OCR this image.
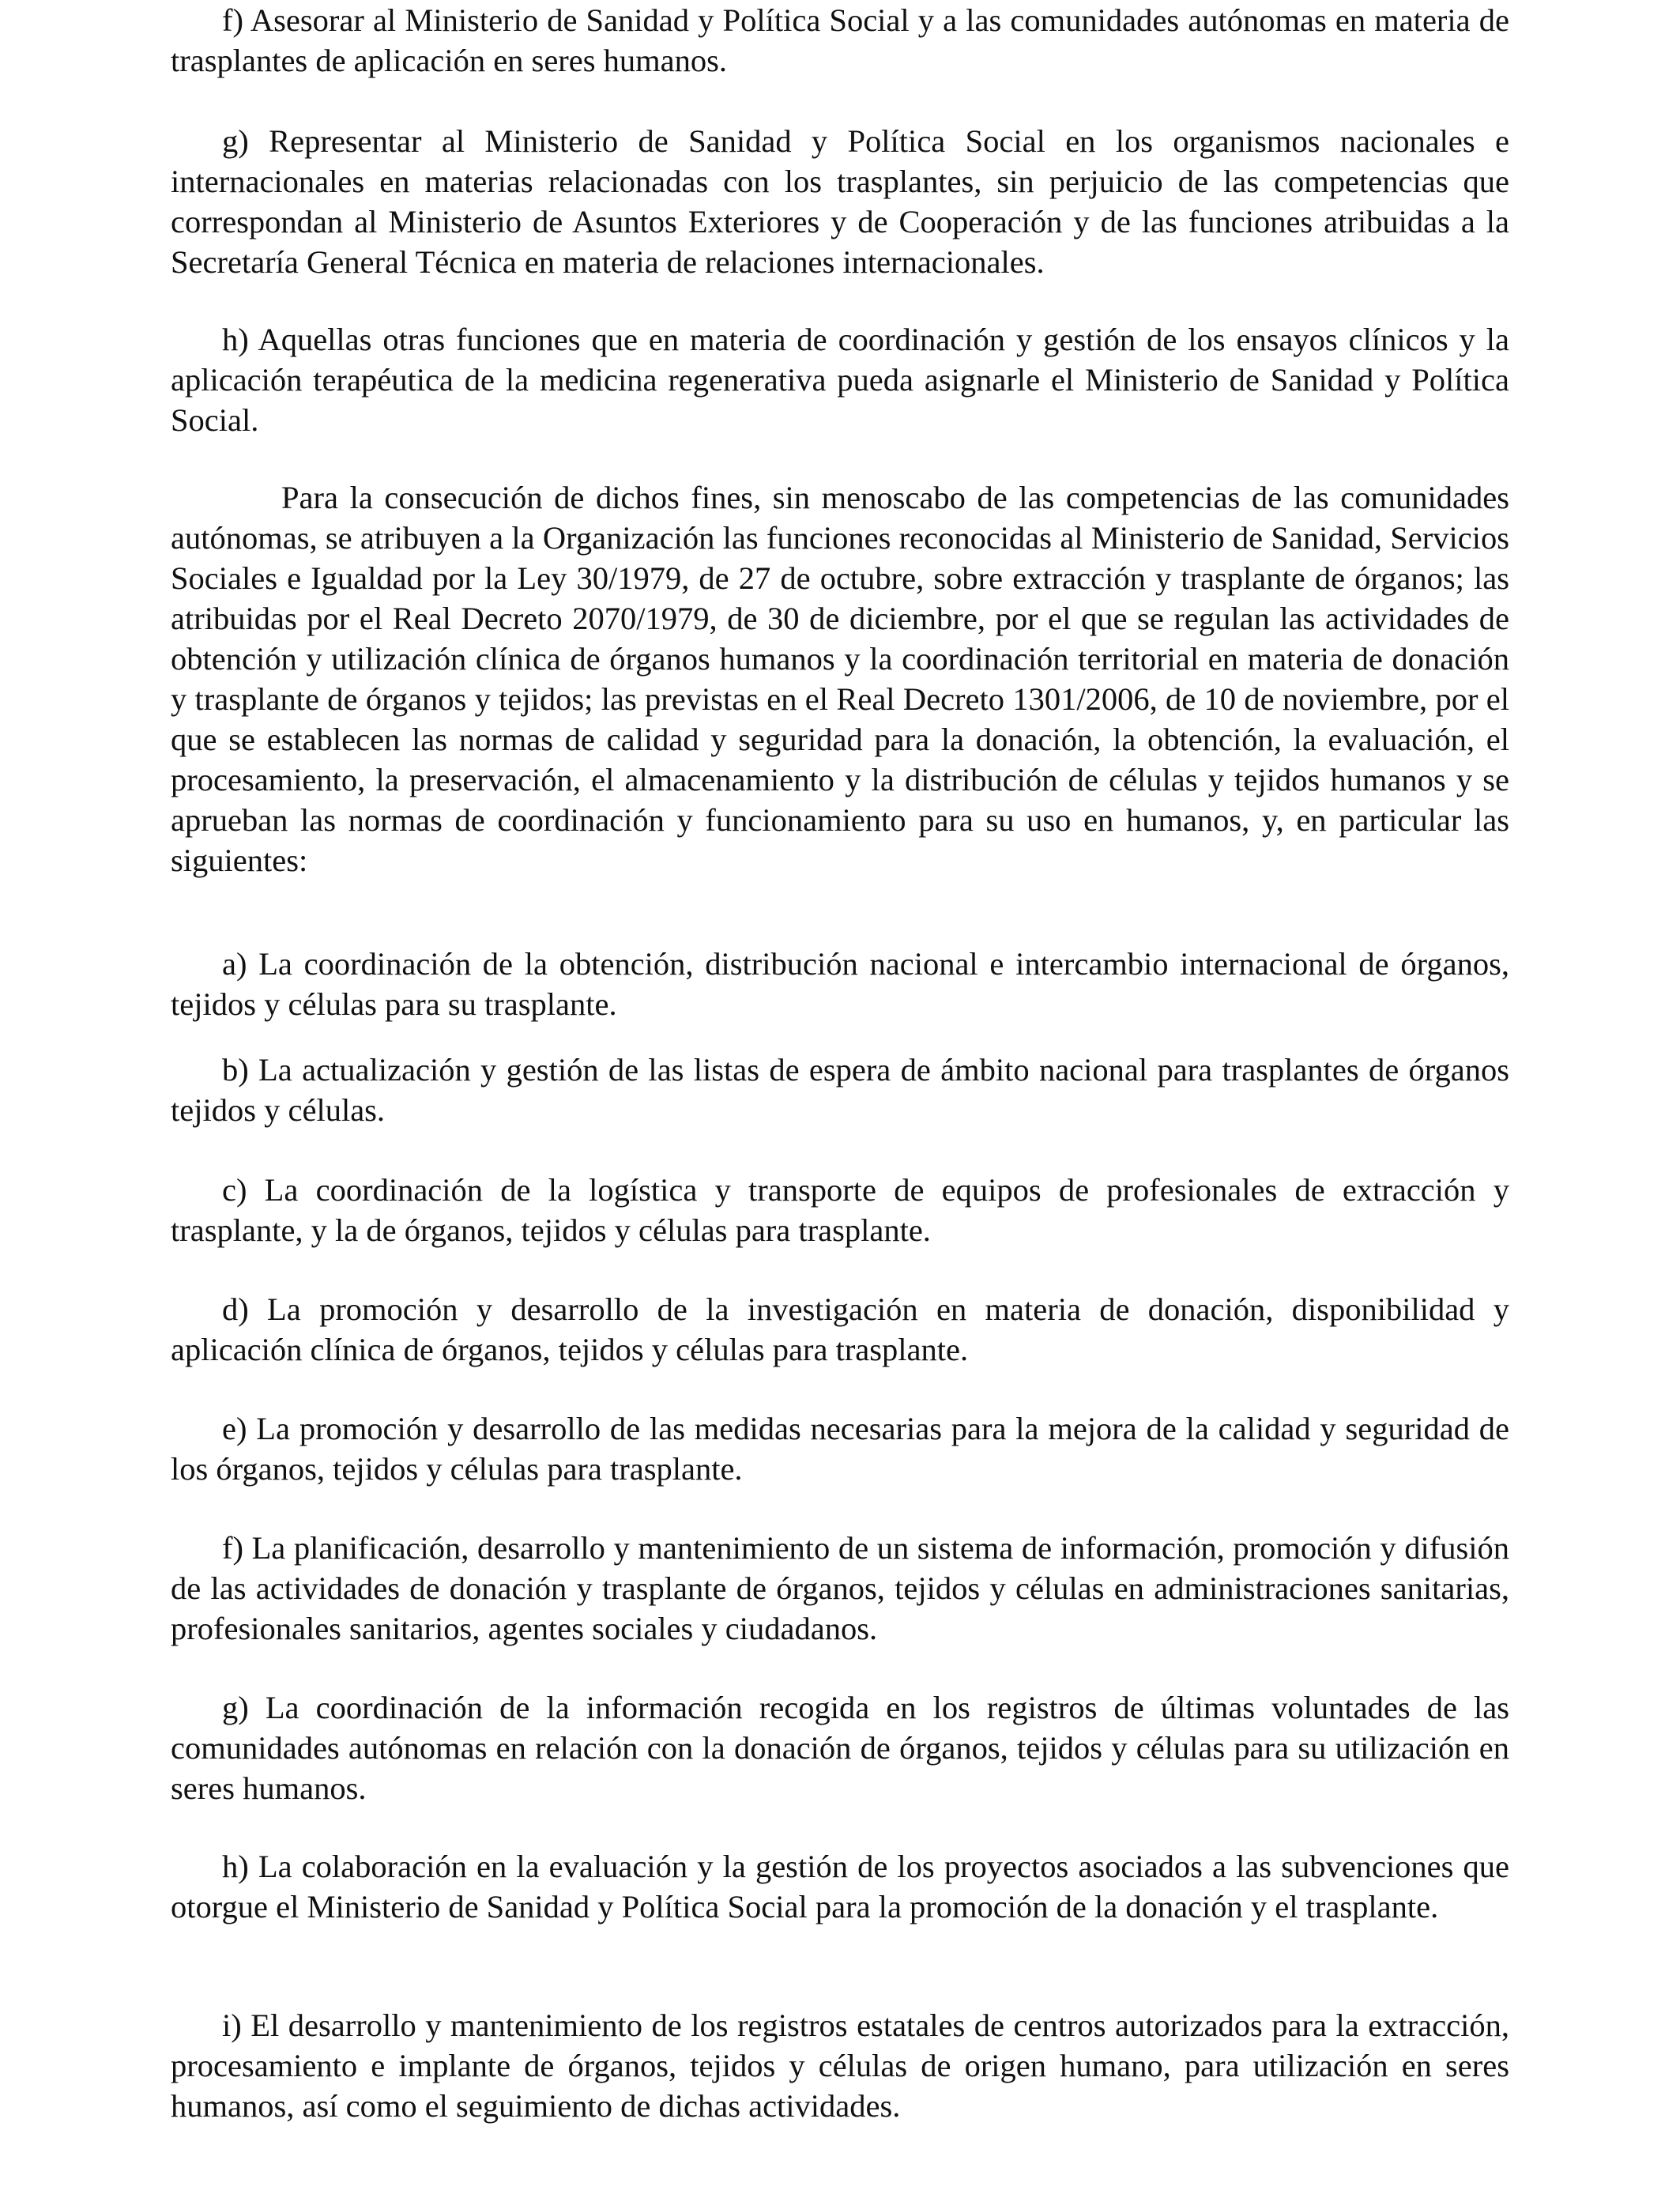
f) Asesorar al Ministerio de Sanidad y Política Social y a las comunidades autónomas en materia de trasplantes de aplicación en seres humanos.

g) Representar al Ministerio de Sanidad y Política Social en los organismos nacionales e internacionales en materias relacionadas con los trasplantes, sin perjuicio de las competencias que correspondan al Ministerio de Asuntos Exteriores y de Cooperación y de las funciones atribuidas a la Secretaría General Técnica en materia de relaciones internacionales.

h) Aquellas otras funciones que en materia de coordinación y gestión de los ensayos clínicos y la aplicación terapéutica de la medicina regenerativa pueda asignarle el Ministerio de Sanidad y Política Social.

Para la consecución de dichos fines, sin menoscabo de las competencias de las comunidades autónomas, se atribuyen a la Organización las funciones reconocidas al Ministerio de Sanidad, Servicios Sociales e Igualdad por la Ley 30/1979, de 27 de octubre, sobre extracción y trasplante de órganos; las atribuidas por el Real Decreto 2070/1979, de 30 de diciembre, por el que se regulan las actividades de obtención y utilización clínica de órganos humanos y la coordinación territorial en materia de donación y trasplante de órganos y tejidos; las previstas en el Real Decreto 1301/2006, de 10 de noviembre, por el que se establecen las normas de calidad y seguridad para la donación, la obtención, la evaluación, el procesamiento, la preservación, el almacenamiento y la distribución de células y tejidos humanos y se aprueban las normas de coordinación y funcionamiento para su uso en humanos, y, en particular las siguientes:

a) La coordinación de la obtención, distribución nacional e intercambio internacional de órganos, tejidos y células para su trasplante.

b) La actualización y gestión de las listas de espera de ámbito nacional para trasplantes de órganos tejidos y células.

c) La coordinación de la logística y transporte de equipos de profesionales de extracción y trasplante, y la de órganos, tejidos y células para trasplante.

d) La promoción y desarrollo de la investigación en materia de donación, disponibilidad y aplicación clínica de órganos, tejidos y células para trasplante.

e) La promoción y desarrollo de las medidas necesarias para la mejora de la calidad y seguridad de los órganos, tejidos y células para trasplante.

f) La planificación, desarrollo y mantenimiento de un sistema de información, promoción y difusión de las actividades de donación y trasplante de órganos, tejidos y células en administraciones sanitarias, profesionales sanitarios, agentes sociales y ciudadanos.

g) La coordinación de la información recogida en los registros de últimas voluntades de las comunidades autónomas en relación con la donación de órganos, tejidos y células para su utilización en seres humanos.

h) La colaboración en la evaluación y la gestión de los proyectos asociados a las subvenciones que otorgue el Ministerio de Sanidad y Política Social para la promoción de la donación y el trasplante.

i) El desarrollo y mantenimiento de los registros estatales de centros autorizados para la extracción, procesamiento e implante de órganos, tejidos y células de origen humano, para utilización en seres humanos, así como el seguimiento de dichas actividades.
